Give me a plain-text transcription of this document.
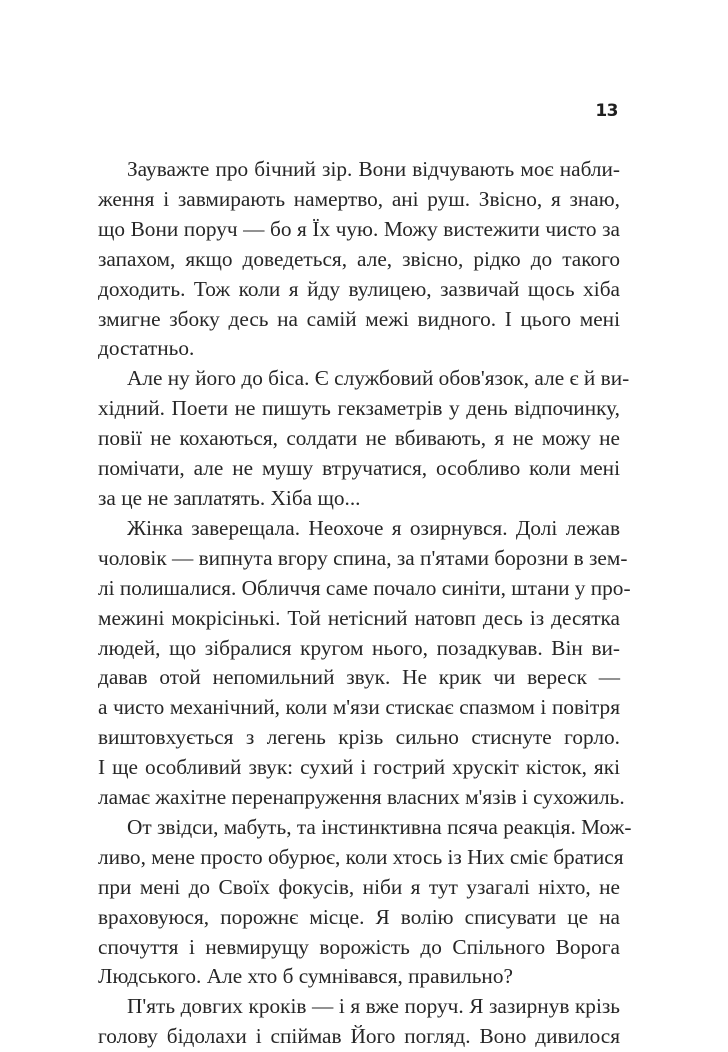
13
Зауважте про бічний зір. Вони відчувають моє набли-
ження і завмирають намертво, ані руш. Звісно, я знаю,
що Вони поруч — бо я Їх чую. Можу вистежити чисто за
запахом, якщо доведеться, але, звісно, рідко до такого
доходить. Тож коли я йду вулицею, зазвичай щось хіба
змигне збоку десь на самій межі видного. І цього мені
достатньо.
Але ну його до біса. Є службовий обов'язок, але є й ви-
хідний. Поети не пишуть гекзаметрів у день відпочинку,
повії не кохаються, солдати не вбивають, я не можу не
помічати, але не мушу втручатися, особливо коли мені
за це не заплатять. Хіба що...
Жінка заверещала. Неохоче я озирнувся. Долі лежав
чоловік — випнута вгору спина, за п'ятами борозни в зем-
лі полишалися. Обличчя саме почало синіти, штани у про-
межині мокрісінькі. Той нетісний натовп десь із десятка
людей, що зібралися кругом нього, позадкував. Він ви-
давав отой непомильний звук. Не крик чи вереск —
а чисто механічний, коли м'язи стискає спазмом і повітря
виштовхується з легень крізь сильно стиснуте горло.
І ще особливий звук: сухий і гострий хрускіт кісток, які
ламає жахітне перенапруження власних м'язів і сухожиль.
От звідси, мабуть, та інстинктивна псяча реакція. Мож-
ливо, мене просто обурює, коли хтось із Них сміє братися
при мені до Своїх фокусів, ніби я тут узагалі ніхто, не
враховуюся, порожнє місце. Я волію списувати це на
спочуття і невмирущу ворожість до Спільного Ворога
Людського. Але хто б сумнівався, правильно?
П'ять довгих кроків — і я вже поруч. Я зазирнув крізь
голову бідолахи і спіймав Його погляд. Воно дивилося
